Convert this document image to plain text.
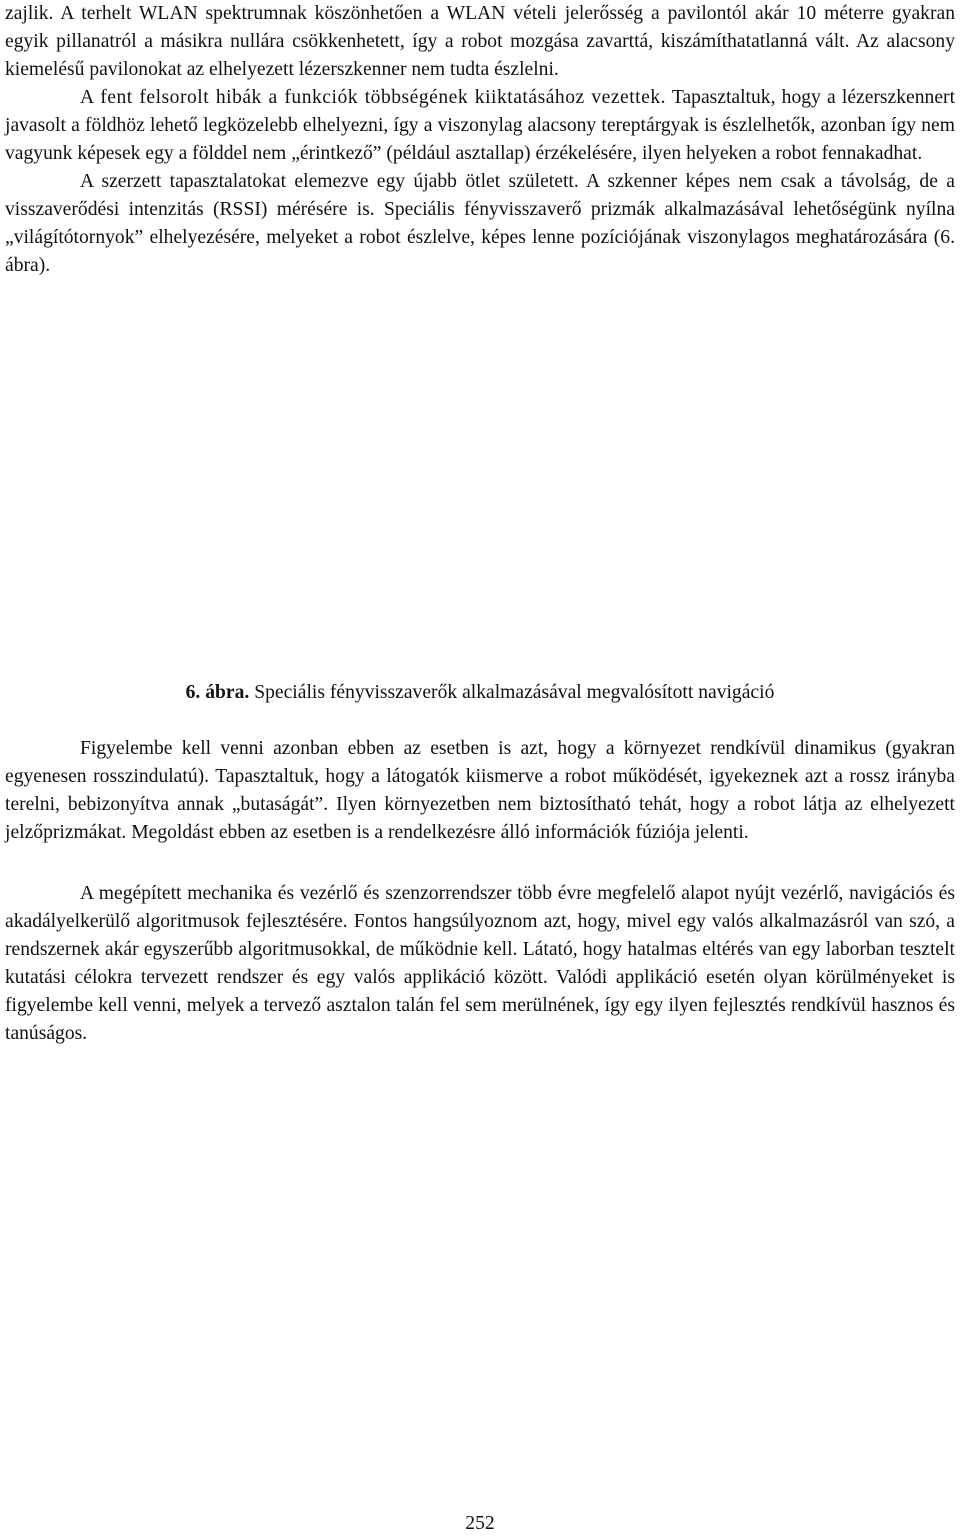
zajlik. A terhelt WLAN spektrumnak köszönhetően a WLAN vételi jelerősség a pavilontól akár 10 méterre gyakran egyik pillanatról a másikra nullára csökkenhetett, így a robot mozgása zavarttá, kiszámíthatatlanná vált. Az alacsony kiemelésű pavilonokat az elhelyezett lézerszkenner nem tudta észlelni.

A fent felsorolt hibák a funkciók többségének kiiktatásához vezettek. Tapasztaltuk, hogy a lézerszkennert javasolt a földhöz lehető legközelebb elhelyezni, így a viszonylag alacsony tereptárgyak is észlelhetők, azonban így nem vagyunk képesek egy a földdel nem „érintkező” (például asztallap) érzékelésére, ilyen helyeken a robot fennakadhat.

A szerzett tapasztalatokat elemezve egy újabb ötlet született. A szkenner képes nem csak a távolság, de a visszaverődési intenzitás (RSSI) mérésére is. Speciális fényvisszaverő prizmák alkalmazásával lehetőségünk nyílna „világítótornyok” elhelyezésére, melyeket a robot észlelve, képes lenne pozíciójának viszonylagos meghatározására (6. ábra).

6. ábra. Speciális fényvisszaverők alkalmazásával megvalósított navigáció

Figyelembe kell venni azonban ebben az esetben is azt, hogy a környezet rendkívül dinamikus (gyakran egyenesen rosszindulatú). Tapasztaltuk, hogy a látogatók kiismerve a robot működését, igyekeznek azt a rossz irányba terelni, bebizonyítva annak „butaságát”. Ilyen környezetben nem biztosítható tehát, hogy a robot látja az elhelyezett jelzőprizmákat. Megoldást ebben az esetben is a rendelkezésre álló információk fúziója jelenti.

A megépített mechanika és vezérlő és szenzorrendszer több évre megfelelő alapot nyújt vezérlő, navigációs és akadályelkerülő algoritmusok fejlesztésére. Fontos hangsúlyoznom azt, hogy, mivel egy valós alkalmazásról van szó, a rendszernek akár egyszerűbb algoritmusokkal, de működnie kell. Látató, hogy hatalmas eltérés van egy laborban tesztelt kutatási célokra tervezett rendszer és egy valós applikáció között. Valódi applikáció esetén olyan körülményeket is figyelembe kell venni, melyek a tervező asztalon talán fel sem merülnének, így egy ilyen fejlesztés rendkívül hasznos és tanúságos.

252
